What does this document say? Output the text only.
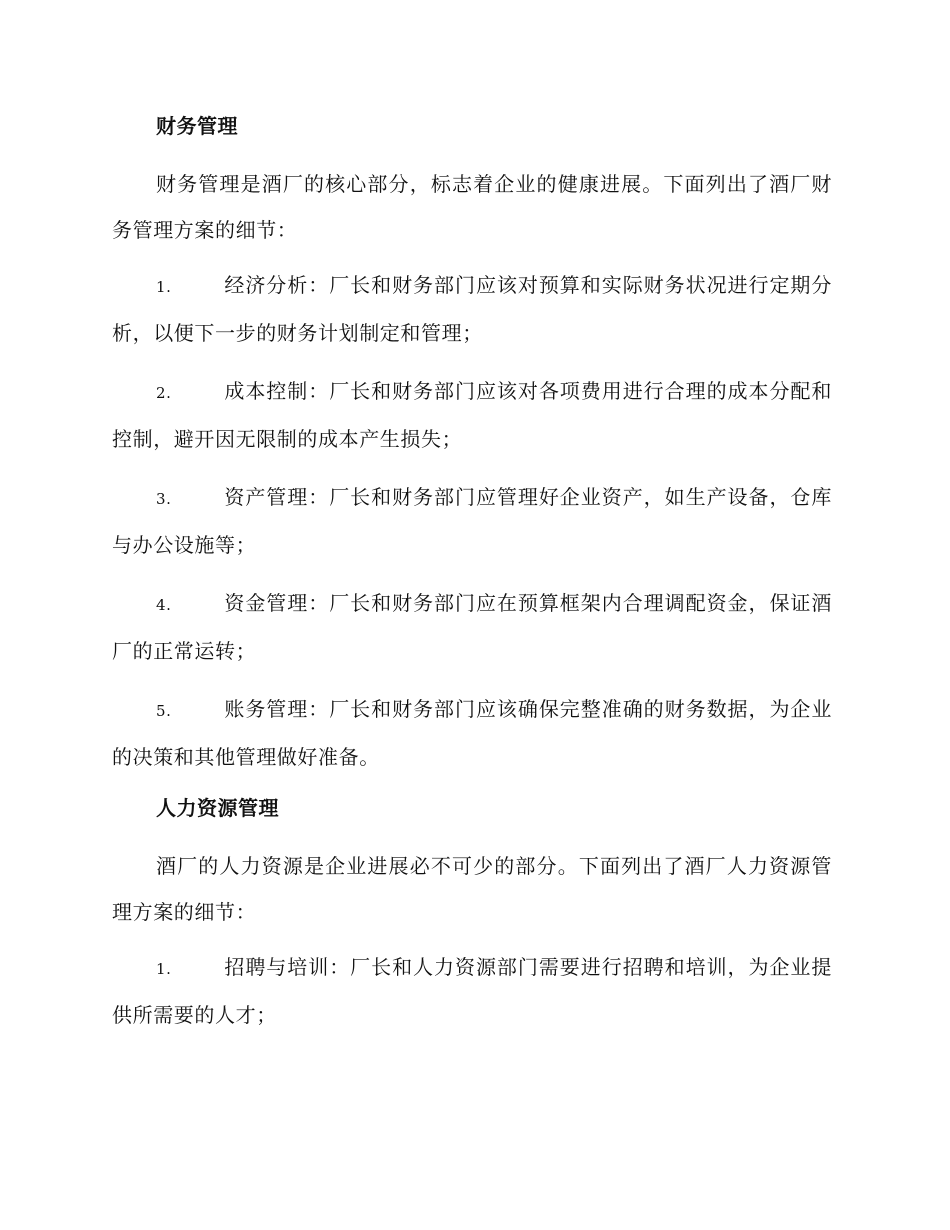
财务管理

财务管理是酒厂的核心部分，标志着企业的健康进展。下面列出了酒厂财务管理方案的细节：

1.	经济分析：厂长和财务部门应该对预算和实际财务状况进行定期分析，以便下一步的财务计划制定和管理；

2.	成本控制：厂长和财务部门应该对各项费用进行合理的成本分配和控制，避开因无限制的成本产生损失；

3.	资产管理：厂长和财务部门应管理好企业资产，如生产设备，仓库与办公设施等；

4.	资金管理：厂长和财务部门应在预算框架内合理调配资金，保证酒厂的正常运转；

5.	账务管理：厂长和财务部门应该确保完整准确的财务数据，为企业的决策和其他管理做好准备。

人力资源管理

酒厂的人力资源是企业进展必不可少的部分。下面列出了酒厂人力资源管理方案的细节：

1.	招聘与培训：厂长和人力资源部门需要进行招聘和培训，为企业提供所需要的人才；
